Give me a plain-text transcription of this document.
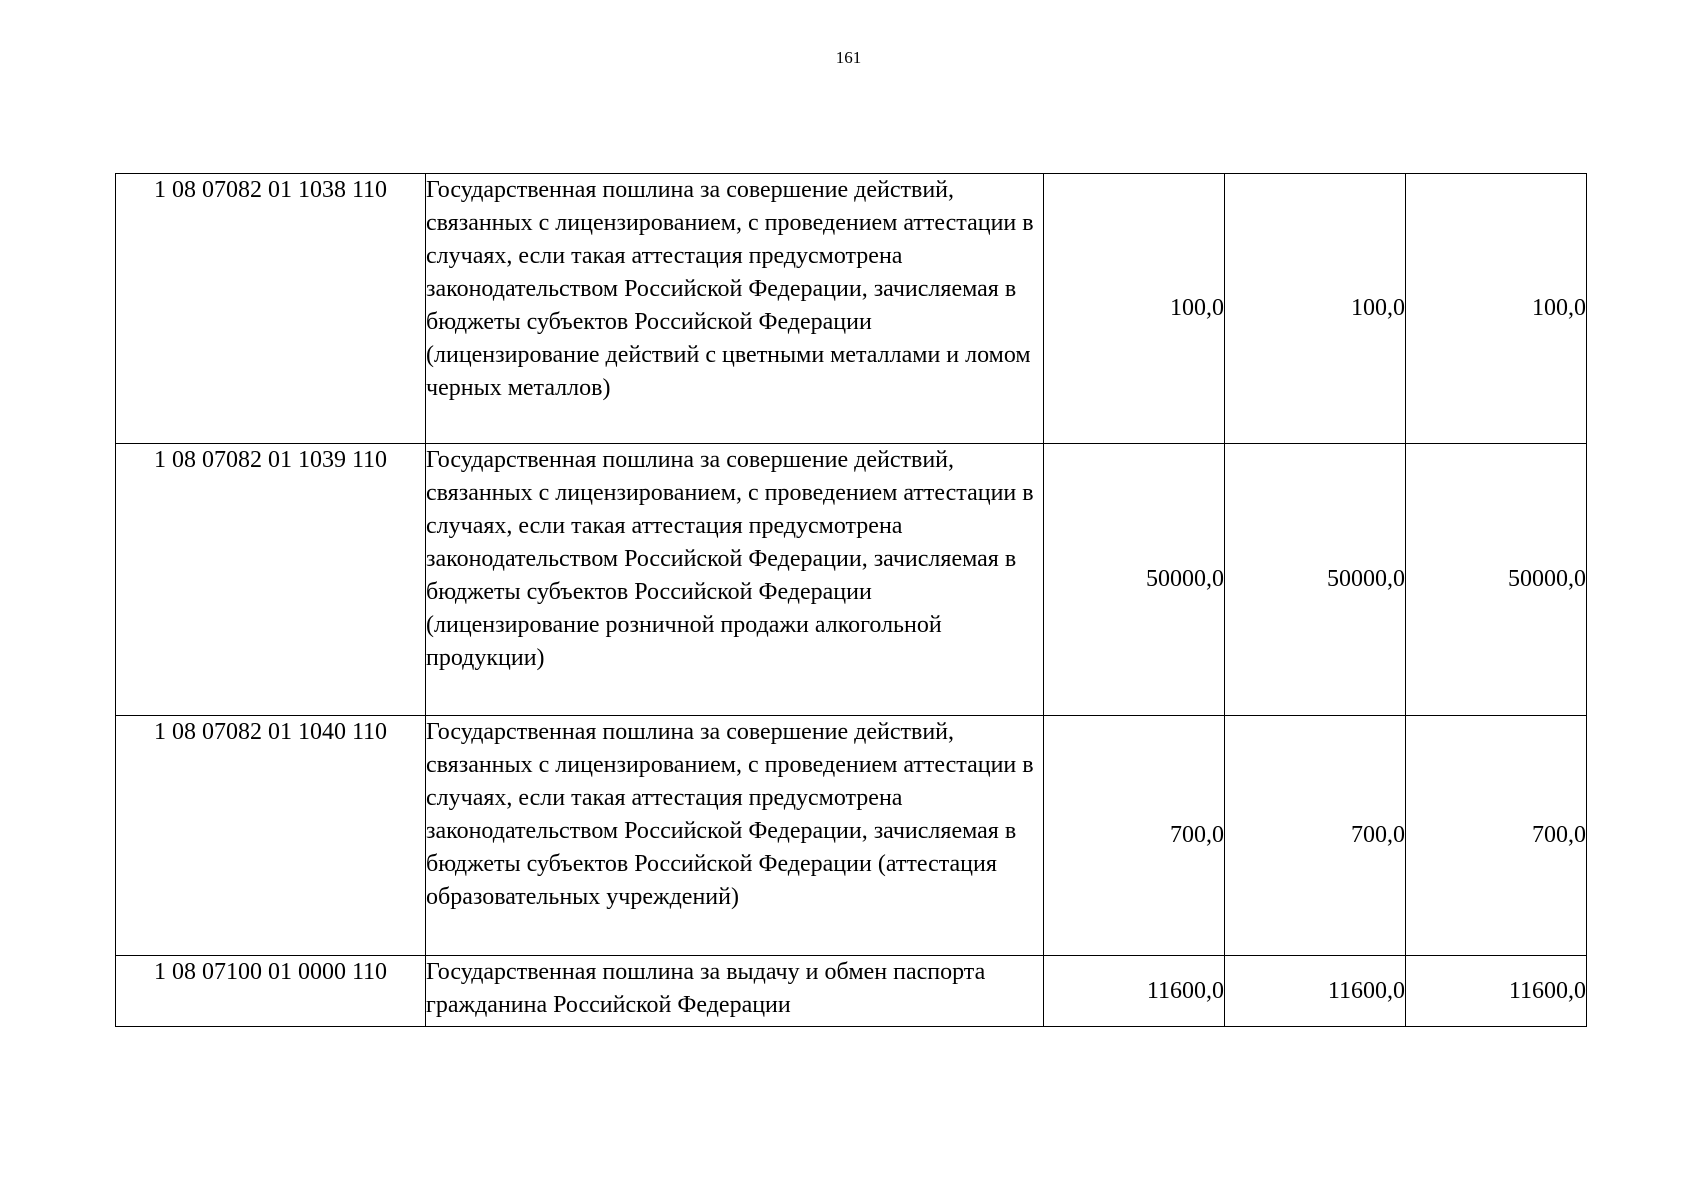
161
1 08 07082 01 1038 110	Государственная пошлина за совершение действий, связанных с лицензированием, с проведением аттестации в случаях, если такая аттестация предусмотрена законодательством Российской Федерации, зачисляемая в бюджеты субъектов Российской Федерации (лицензирование действий с цветными металлами и ломом черных металлов)	100,0	100,0	100,0
1 08 07082 01 1039 110	Государственная пошлина за совершение действий, связанных с лицензированием, с проведением аттестации в случаях, если такая аттестация предусмотрена законодательством Российской Федерации, зачисляемая в бюджеты субъектов Российской Федерации (лицензирование розничной продажи алкогольной продукции)	50000,0	50000,0	50000,0
1 08 07082 01 1040 110	Государственная пошлина за совершение действий, связанных с лицензированием, с проведением аттестации в случаях, если такая аттестация предусмотрена законодательством Российской Федерации, зачисляемая в бюджеты субъектов Российской Федерации (аттестация образовательных учреждений)	700,0	700,0	700,0
1 08 07100 01 0000 110	Государственная пошлина за выдачу и обмен паспорта гражданина Российской Федерации	11600,0	11600,0	11600,0
